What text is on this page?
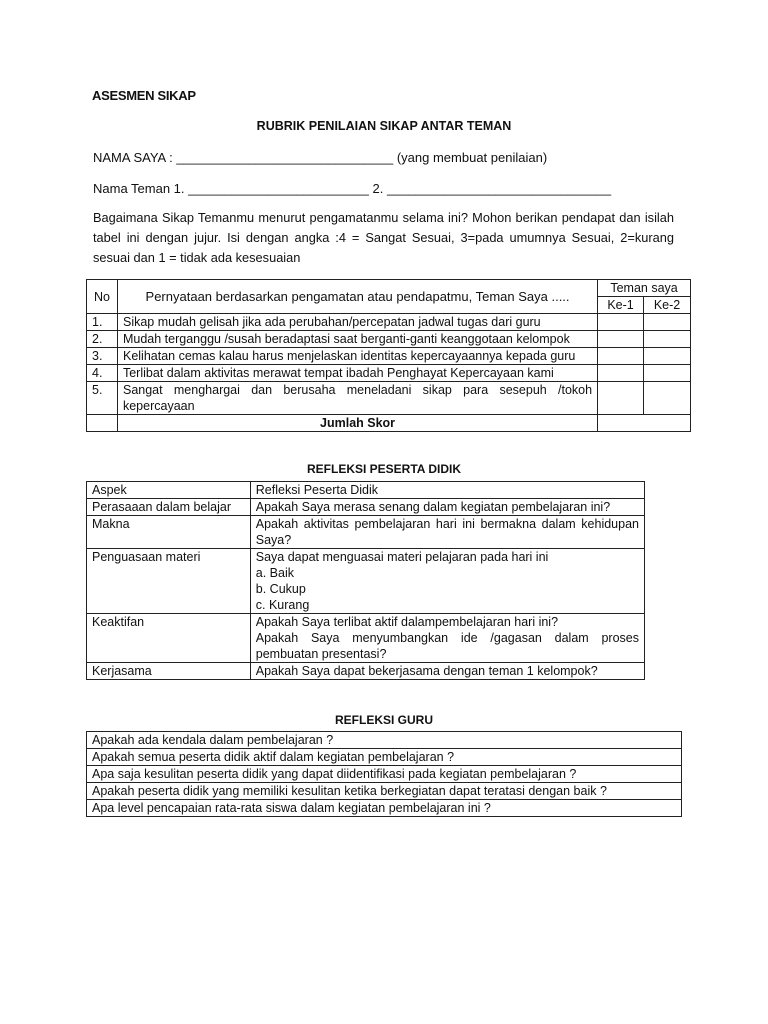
ASESMEN SIKAP
RUBRIK PENILAIAN SIKAP ANTAR TEMAN
NAMA SAYA : ______________________________ (yang membuat penilaian)
Nama Teman 1. _________________________ 2. _______________________________
Bagaimana Sikap Temanmu menurut pengamatanmu selama ini? Mohon berikan pendapat dan isilah tabel ini dengan jujur. Isi dengan angka :4 = Sangat Sesuai, 3=pada umumnya Sesuai, 2=kurang sesuai dan 1 = tidak ada kesesuaian
No	Pernyataan berdasarkan pengamatan atau pendapatmu, Teman Saya .....	Teman saya	
		Ke-1	Ke-2
1.	Sikap mudah gelisah jika ada perubahan/percepatan jadwal tugas dari guru		
2.	Mudah terganggu /susah beradaptasi saat berganti-ganti keanggotaan kelompok		
3.	Kelihatan cemas kalau harus menjelaskan identitas kepercayaannya kepada guru		
4.	Terlibat dalam aktivitas merawat tempat ibadah Penghayat Kepercayaan kami		
5.	Sangat menghargai dan berusaha meneladani sikap para sesepuh /tokoh kepercayaan		
	Jumlah Skor		
REFLEKSI PESERTA DIDIK
Aspek	Refleksi Peserta Didik
Perasaaan dalam belajar	Apakah Saya merasa senang dalam kegiatan pembelajaran ini?
Makna	Apakah aktivitas pembelajaran hari ini bermakna dalam kehidupan Saya?
Penguasaan materi	Saya dapat menguasai materi pelajaran pada hari ini
a. Baik
b. Cukup
c. Kurang

Keaktifan	Apakah Saya terlibat aktif dalampembelajaran hari ini?
Apakah Saya menyumbangkan ide /gagasan dalam proses pembuatan presentasi?

Kerjasama	Apakah Saya dapat bekerjasama dengan teman 1 kelompok?
REFLEKSI GURU
Apakah ada kendala dalam pembelajaran ?
Apakah semua peserta didik aktif dalam kegiatan pembelajaran ?
Apa saja kesulitan peserta didik yang dapat diidentifikasi pada kegiatan pembelajaran ?
Apakah peserta didik yang memiliki kesulitan ketika berkegiatan dapat teratasi dengan baik ?
Apa level pencapaian rata-rata siswa dalam kegiatan pembelajaran ini ?
